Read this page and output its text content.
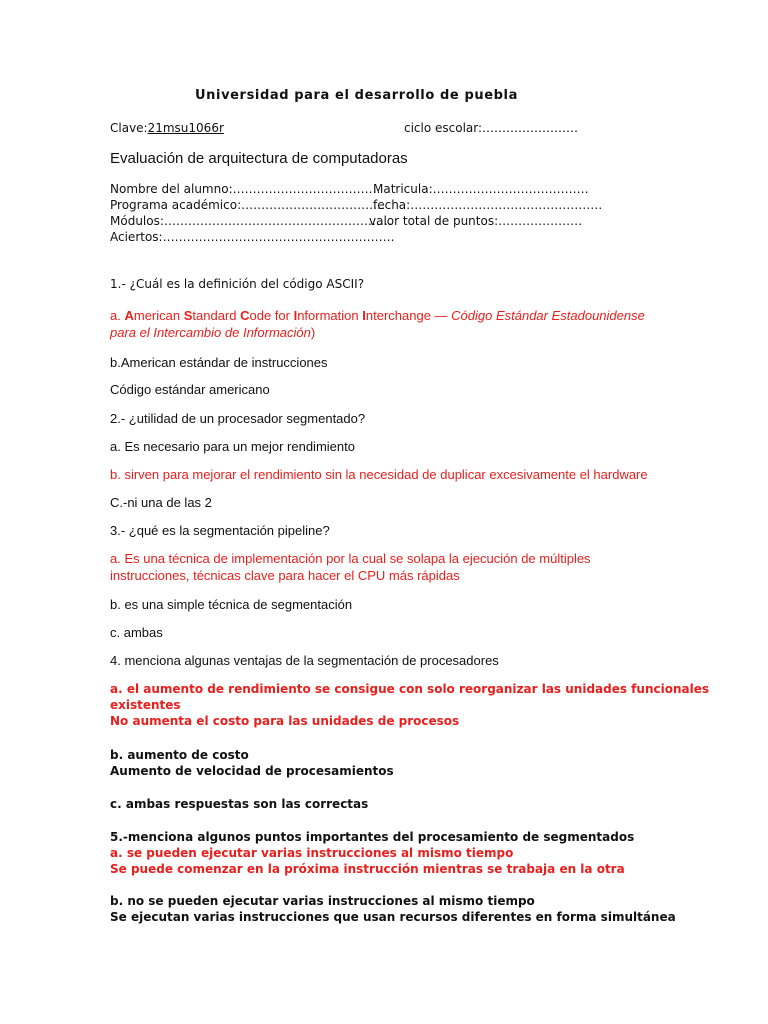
Universidad para el desarrollo de puebla
Clave:21msu1066r	ciclo escolar:……………………
Evaluación de arquitectura de computadoras
Nombre del alumno:……………………………….
Matricula:…………………………………
Programa académico:………………………………
fecha:…………………………………………
Módulos:…………………………………………………
valor total de puntos:…………………
Aciertos:………………………………………………….
1.- ¿Cuál es la definición del código ASCII?
a. American Standard Code for Information Interchange — Código Estándar Estadounidense
para el Intercambio de Información)
b.American estándar de instrucciones
Código estándar americano
2.- ¿utilidad de un procesador segmentado?
a. Es necesario para un mejor rendimiento
b. sirven para mejorar el rendimiento sin la necesidad de duplicar excesivamente el hardware
C.-ni una de las 2
3.- ¿qué es la segmentación pipeline?
a. Es una técnica de implementación por la cual se solapa la ejecución de múltiples
instrucciones, técnicas clave para hacer el CPU más rápidas
b. es una simple técnica de segmentación
c. ambas
4. menciona algunas ventajas de la segmentación de procesadores
a. el aumento de rendimiento se consigue con solo reorganizar las unidades funcionales
existentes
No aumenta el costo para las unidades de procesos
b. aumento de costo
Aumento de velocidad de procesamientos
c. ambas respuestas son las correctas
5.-menciona algunos puntos importantes del procesamiento de segmentados
a. se pueden ejecutar varias instrucciones al mismo tiempo
Se puede comenzar en la próxima instrucción mientras se trabaja en la otra
b. no se pueden ejecutar varias instrucciones al mismo tiempo
Se ejecutan varias instrucciones que usan recursos diferentes en forma simultánea
